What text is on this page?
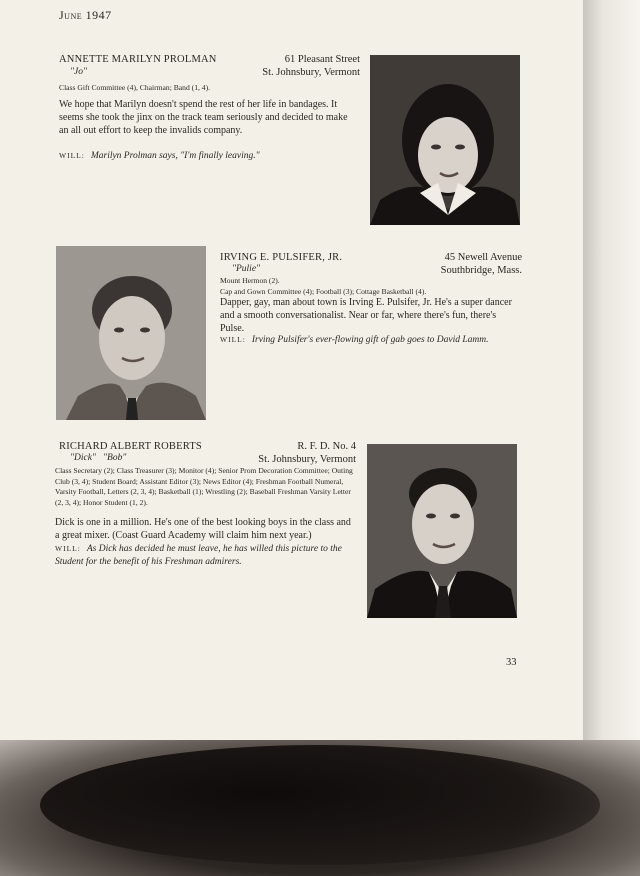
June 1947
ANNETTE MARILYN PROLMAN
"Jo"
61 Pleasant Street
St. Johnsbury, Vermont
Class Gift Committee (4), Chairman; Band (1, 4).
We hope that Marilyn doesn't spend the rest of her life in bandages. It seems she took the jinx on the track team seriously and decided to make an all out effort to keep the invalids company.
WILL: Marilyn Prolman says, "I'm finally leaving."
IRVING E. PULSIFER, JR.
"Pulie"
45 Newell Avenue
Southbridge, Mass.
Mount Hermon (2).
Cap and Gown Committee (4); Football (3); Cottage Basketball (4).
Dapper, gay, man about town is Irving E. Pulsifer, Jr. He's a super dancer and a smooth conversationalist. Near or far, where there's fun, there's Pulse.
WILL: Irving Pulsifer's ever-flowing gift of gab goes to David Lamm.
RICHARD ALBERT ROBERTS
"Dick"   "Bob"
R. F. D. No. 4
St. Johnsbury, Vermont
Class Secretary (2); Class Treasurer (3); Monitor (4); Senior Prom Decoration Committee; Outing Club (3, 4); Student Board; Assistant Editor (3); News Editor (4); Freshman Football Numeral, Varsity Football, Letters (2, 3, 4); Basketball (1); Wrestling (2); Baseball Freshman Varsity Letter (2, 3, 4); Honor Student (1, 2).
Dick is one in a million. He's one of the best looking boys in the class and a great mixer. (Coast Guard Academy will claim him next year.)
WILL: As Dick has decided he must leave, he has willed this picture to the Student for the benefit of his Freshman admirers.
33
